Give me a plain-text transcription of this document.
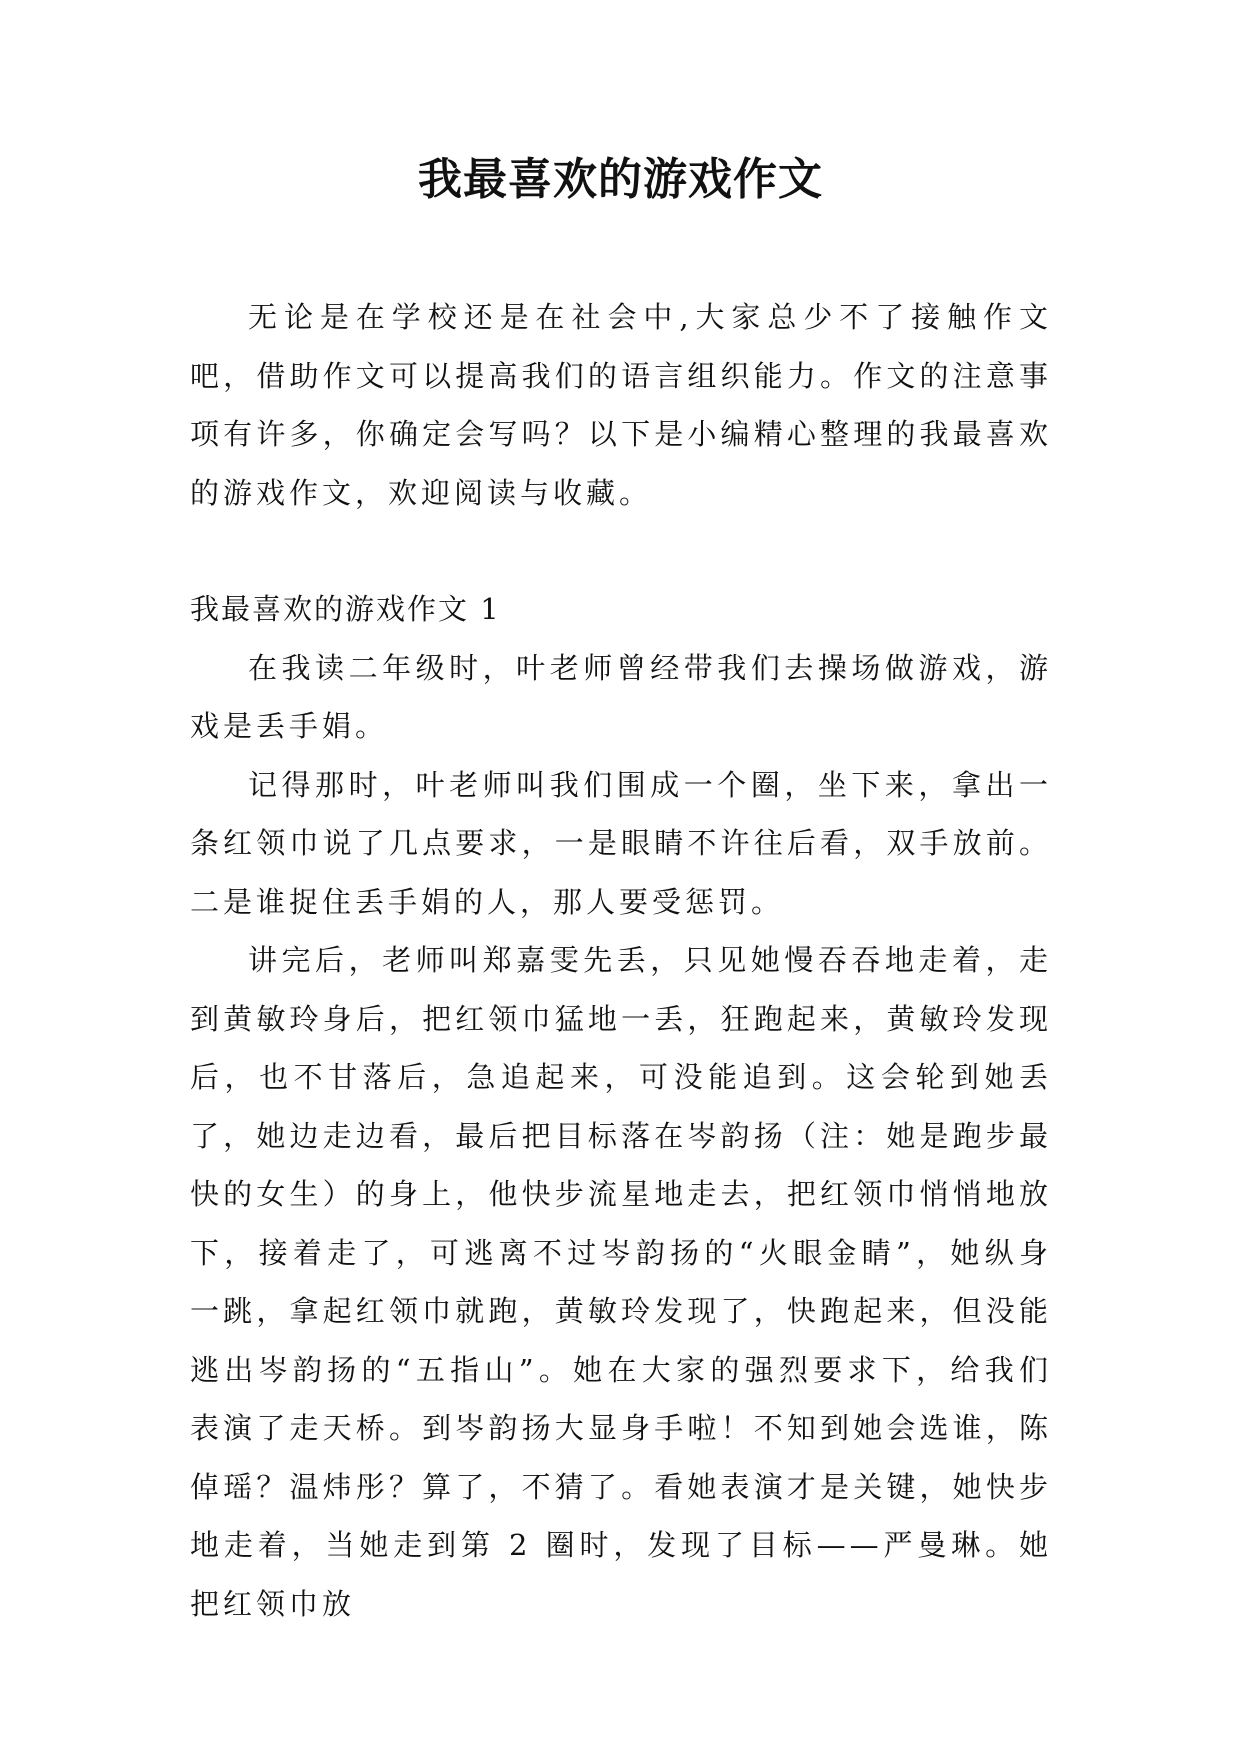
我最喜欢的游戏作文

无论是在学校还是在社会中,大家总少不了接触作文吧，借助作文可以提高我们的语言组织能力。作文的注意事项有许多，你确定会写吗？以下是小编精心整理的我最喜欢的游戏作文，欢迎阅读与收藏。

我最喜欢的游戏作文 1

在我读二年级时，叶老师曾经带我们去操场做游戏，游戏是丢手娟。

记得那时，叶老师叫我们围成一个圈，坐下来，拿出一条红领巾说了几点要求，一是眼睛不许往后看，双手放前。二是谁捉住丢手娟的人，那人要受惩罚。

讲完后，老师叫郑嘉雯先丢，只见她慢吞吞地走着，走到黄敏玲身后，把红领巾猛地一丢，狂跑起来，黄敏玲发现后，也不甘落后，急追起来，可没能追到。这会轮到她丢了，她边走边看，最后把目标落在岑韵扬（注：她是跑步最快的女生）的身上，他快步流星地走去，把红领巾悄悄地放下，接着走了，可逃离不过岑韵扬的“火眼金睛”，她纵身一跳，拿起红领巾就跑，黄敏玲发现了，快跑起来，但没能逃出岑韵扬的“五指山”。她在大家的强烈要求下，给我们表演了走天桥。到岑韵扬大显身手啦！不知到她会选谁，陈倬瑶？温炜彤？算了，不猜了。看她表演才是关键，她快步地走着，当她走到第 2 圈时，发现了目标——严曼琳。她把红领巾放
